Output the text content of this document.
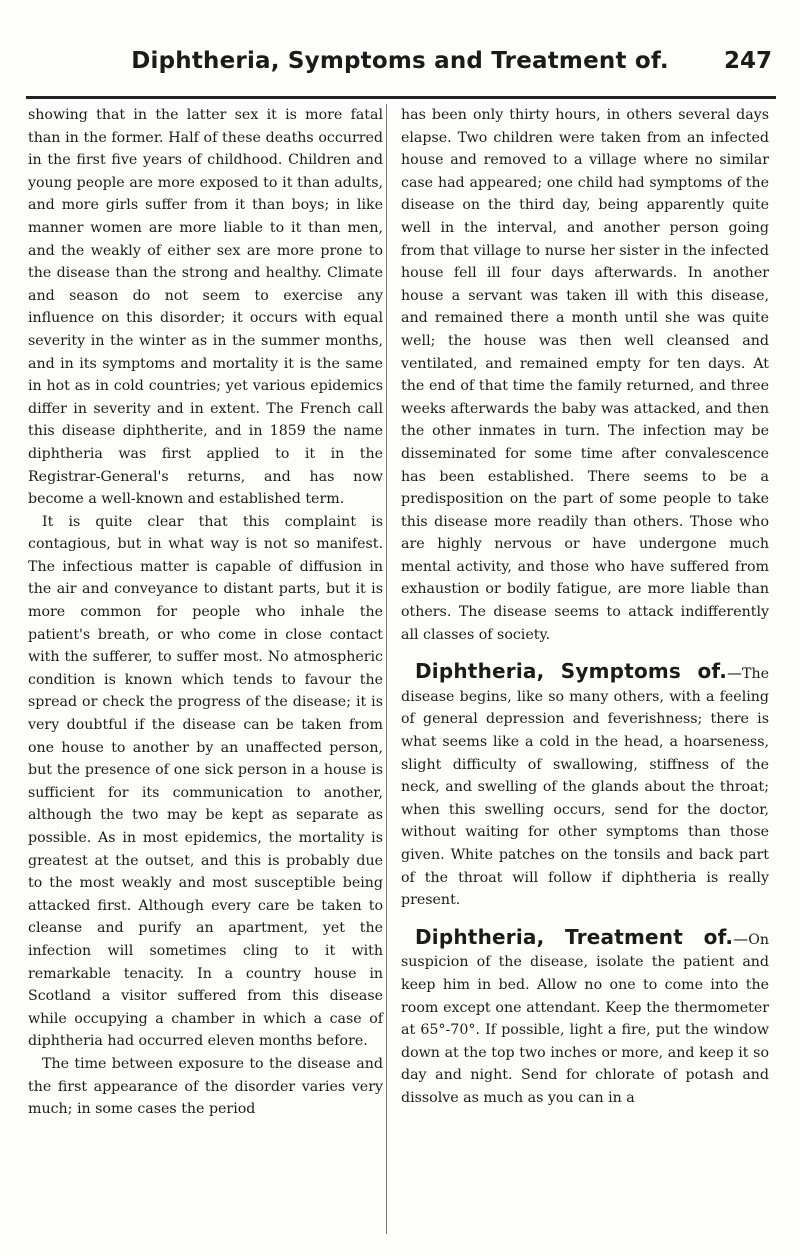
Diphtheria, Symptoms and Treatment of.	247

showing that in the latter sex it is more fatal than in the former. Half of these deaths occurred in the first five years of childhood. Children and young people are more exposed to it than adults, and more girls suffer from it than boys; in like manner women are more liable to it than men, and the weakly of either sex are more prone to the disease than the strong and healthy. Climate and season do not seem to exercise any influence on this disorder; it occurs with equal severity in the winter as in the summer months, and in its symptoms and mortality it is the same in hot as in cold countries; yet various epidemics differ in severity and in extent. The French call this disease diphtherite, and in 1859 the name diphtheria was first applied to it in the Registrar-General's returns, and has now become a well-known and established term.

It is quite clear that this complaint is contagious, but in what way is not so manifest. The infectious matter is capable of diffusion in the air and conveyance to distant parts, but it is more common for people who inhale the patient's breath, or who come in close contact with the sufferer, to suffer most. No atmospheric condition is known which tends to favour the spread or check the progress of the disease; it is very doubtful if the disease can be taken from one house to another by an unaffected person, but the presence of one sick person in a house is sufficient for its communication to another, although the two may be kept as separate as possible. As in most epidemics, the mortality is greatest at the outset, and this is probably due to the most weakly and most susceptible being attacked first. Although every care be taken to cleanse and purify an apartment, yet the infection will sometimes cling to it with remarkable tenacity. In a country house in Scotland a visitor suffered from this disease while occupying a chamber in which a case of diphtheria had occurred eleven months before.

The time between exposure to the disease and the first appearance of the disorder varies very much; in some cases the period

has been only thirty hours, in others several days elapse. Two children were taken from an infected house and removed to a village where no similar case had appeared; one child had symptoms of the disease on the third day, being apparently quite well in the interval, and another person going from that village to nurse her sister in the infected house fell ill four days afterwards. In another house a servant was taken ill with this disease, and remained there a month until she was quite well; the house was then well cleansed and ventilated, and remained empty for ten days. At the end of that time the family returned, and three weeks afterwards the baby was attacked, and then the other inmates in turn. The infection may be disseminated for some time after convalescence has been established. There seems to be a predisposition on the part of some people to take this disease more readily than others. Those who are highly nervous or have undergone much mental activity, and those who have suffered from exhaustion or bodily fatigue, are more liable than others. The disease seems to attack indifferently all classes of society.

Diphtheria, Symptoms of.—The disease begins, like so many others, with a feeling of general depression and feverishness; there is what seems like a cold in the head, a hoarseness, slight difficulty of swallowing, stiffness of the neck, and swelling of the glands about the throat; when this swelling occurs, send for the doctor, without waiting for other symptoms than those given. White patches on the tonsils and back part of the throat will follow if diphtheria is really present.

Diphtheria, Treatment of.—On suspicion of the disease, isolate the patient and keep him in bed. Allow no one to come into the room except one attendant. Keep the thermometer at 65°-70°. If possible, light a fire, put the window down at the top two inches or more, and keep it so day and night. Send for chlorate of potash and dissolve as much as you can in a
